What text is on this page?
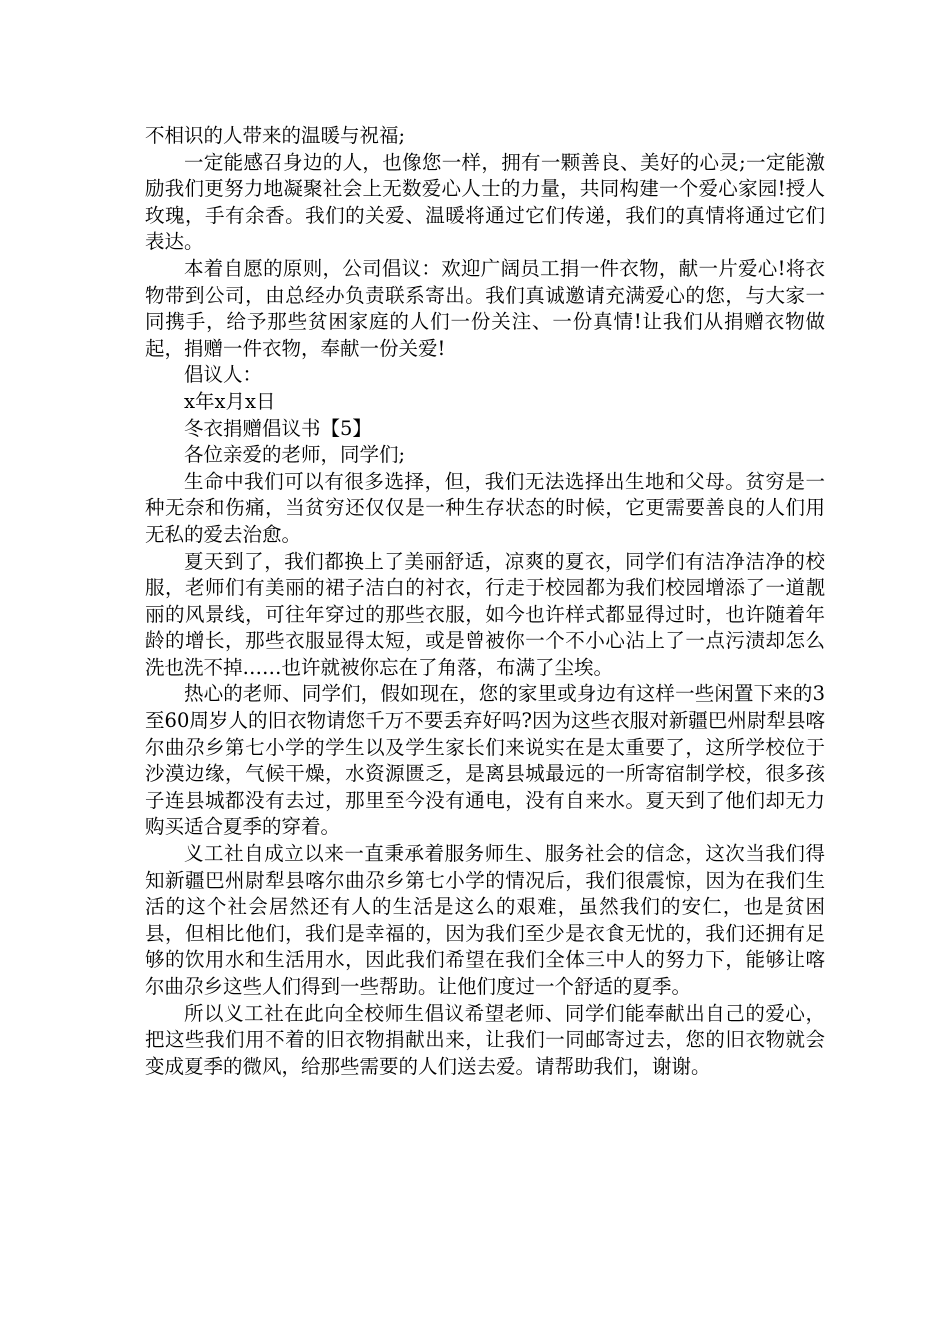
不相识的人带来的温暖与祝福;

一定能感召身边的人，也像您一样，拥有一颗善良、美好的心灵;一定能激励我们更努力地凝聚社会上无数爱心人士的力量，共同构建一个爱心家园!授人玫瑰，手有余香。我们的关爱、温暖将通过它们传递，我们的真情将通过它们表达。

本着自愿的原则，公司倡议：欢迎广阔员工捐一件衣物，献一片爱心!将衣物带到公司，由总经办负责联系寄出。我们真诚邀请充满爱心的您，与大家一同携手，给予那些贫困家庭的人们一份关注、一份真情!让我们从捐赠衣物做起，捐赠一件衣物，奉献一份关爱!

倡议人：

x年x月x日

冬衣捐赠倡议书【5】

各位亲爱的老师，同学们;

生命中我们可以有很多选择，但，我们无法选择出生地和父母。贫穷是一种无奈和伤痛，当贫穷还仅仅是一种生存状态的时候，它更需要善良的人们用无私的爱去治愈。

夏天到了，我们都换上了美丽舒适，凉爽的夏衣，同学们有洁净洁净的校服，老师们有美丽的裙子洁白的衬衣，行走于校园都为我们校园增添了一道靓丽的风景线，可往年穿过的那些衣服，如今也许样式都显得过时，也许随着年龄的增长，那些衣服显得太短，或是曾被你一个不小心沾上了一点污渍却怎么洗也洗不掉……也许就被你忘在了角落，布满了尘埃。

热心的老师、同学们，假如现在，您的家里或身边有这样一些闲置下来的3至60周岁人的旧衣物请您千万不要丢弃好吗?因为这些衣服对新疆巴州尉犁县喀尔曲尕乡第七小学的学生以及学生家长们来说实在是太重要了，这所学校位于沙漠边缘，气候干燥，水资源匮乏，是离县城最远的一所寄宿制学校，很多孩子连县城都没有去过，那里至今没有通电，没有自来水。夏天到了他们却无力购买适合夏季的穿着。

义工社自成立以来一直秉承着服务师生、服务社会的信念，这次当我们得知新疆巴州尉犁县喀尔曲尕乡第七小学的情况后，我们很震惊，因为在我们生活的这个社会居然还有人的生活是这么的艰难，虽然我们的安仁，也是贫困县，但相比他们，我们是幸福的，因为我们至少是衣食无忧的，我们还拥有足够的饮用水和生活用水，因此我们希望在我们全体三中人的努力下，能够让喀尔曲尕乡这些人们得到一些帮助。让他们度过一个舒适的夏季。

所以义工社在此向全校师生倡议希望老师、同学们能奉献出自己的爱心，把这些我们用不着的旧衣物捐献出来，让我们一同邮寄过去，您的旧衣物就会变成夏季的微风，给那些需要的人们送去爱。请帮助我们，谢谢。
